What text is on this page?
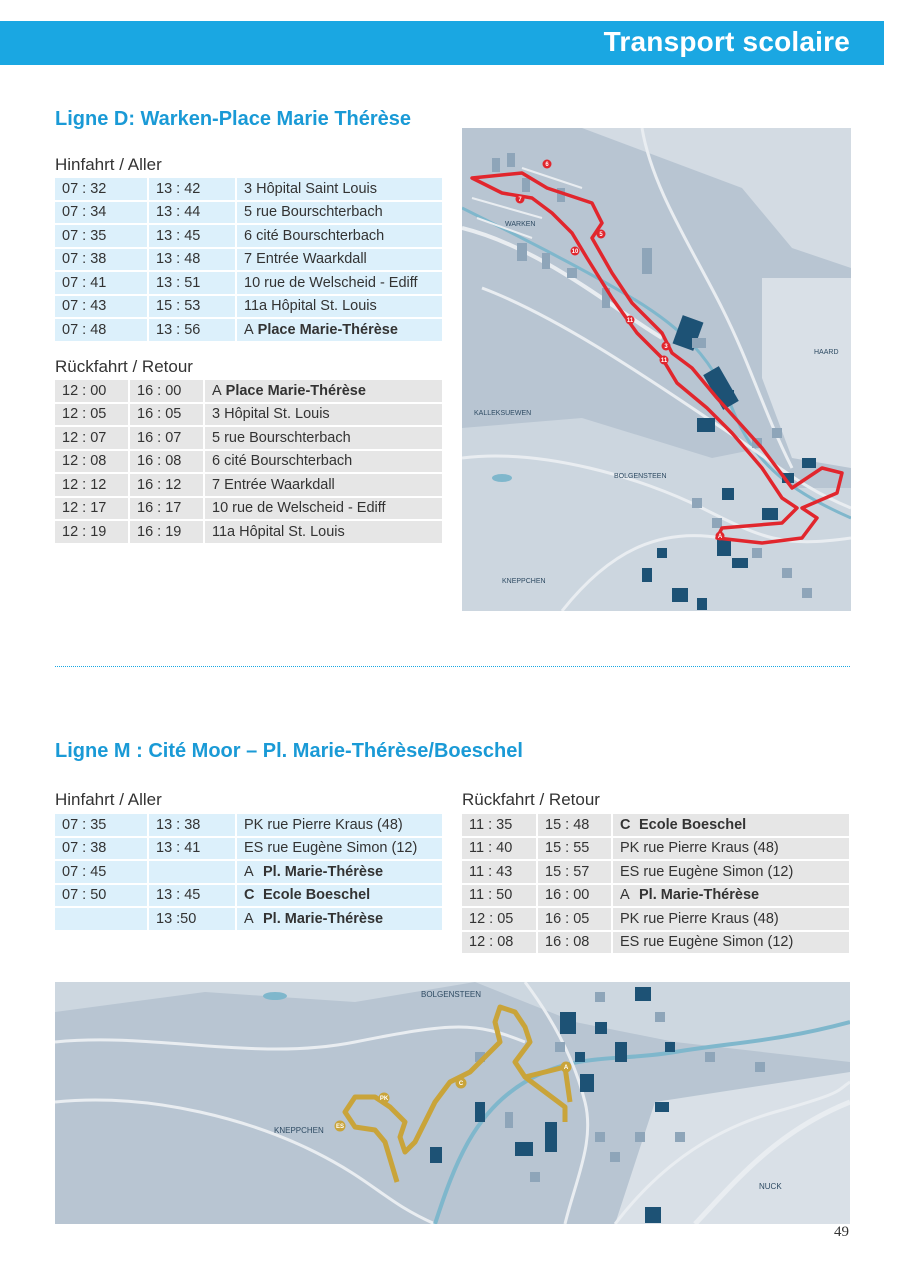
Transport scolaire
Ligne D: Warken-Place Marie Thérèse
Hinfahrt / Aller
07 : 32	13 : 42	3 Hôpital Saint Louis
07 : 34	13 : 44	5 rue Bourschterbach
07 : 35	13 : 45	6 cité Bourschterbach
07 : 38	13 : 48	7 Entrée Waarkdall
07 : 41	13 : 51	10 rue de Welscheid - Ediff
07 : 43	15 : 53	11a Hôpital St. Louis
07 : 48	13 : 56	A Place Marie-Thérèse
Rückfahrt / Retour
12 : 00	16 : 00	A Place Marie-Thérèse
12 : 05	16 : 05	3 Hôpital St. Louis
12 : 07	16 : 07	5 rue Bourschterbach
12 : 08	16 : 08	6 cité Bourschterbach
12 : 12	16 : 12	7 Entrée Waarkdall
12 : 17	16 : 17	10 rue de Welscheid - Ediff
12 : 19	16 : 19	11a Hôpital St. Louis
6
7
5
10
11
3
11
A
WARKEN
HAARD
KALLEKSUEWEN
BOLGENSTEEN
KNEPPCHEN
Ligne M : Cité Moor – Pl. Marie-Thérèse/Boeschel
Hinfahrt / Aller
07 : 35	13 : 38	PK rue Pierre Kraus (48)
07 : 38	13 : 41	ES rue Eugène Simon (12)
07 : 45		A Pl. Marie-Thérèse
07 : 50	13 : 45	C Ecole Boeschel
	13 :50	A Pl. Marie-Thérèse
Rückfahrt / Retour
11 : 35	15 : 48	C Ecole Boeschel
11 : 40	15 : 55	PK rue Pierre Kraus (48)
11 : 43	15 : 57	ES rue Eugène Simon (12)
11 : 50	16 : 00	A Pl. Marie-Thérèse
12 : 05	16 : 05	PK rue Pierre Kraus (48)
12 : 08	16 : 08	ES rue Eugène Simon (12)
A
C
PK
ES
BOLGENSTEEN
KNEPPCHEN
NUCK
49
